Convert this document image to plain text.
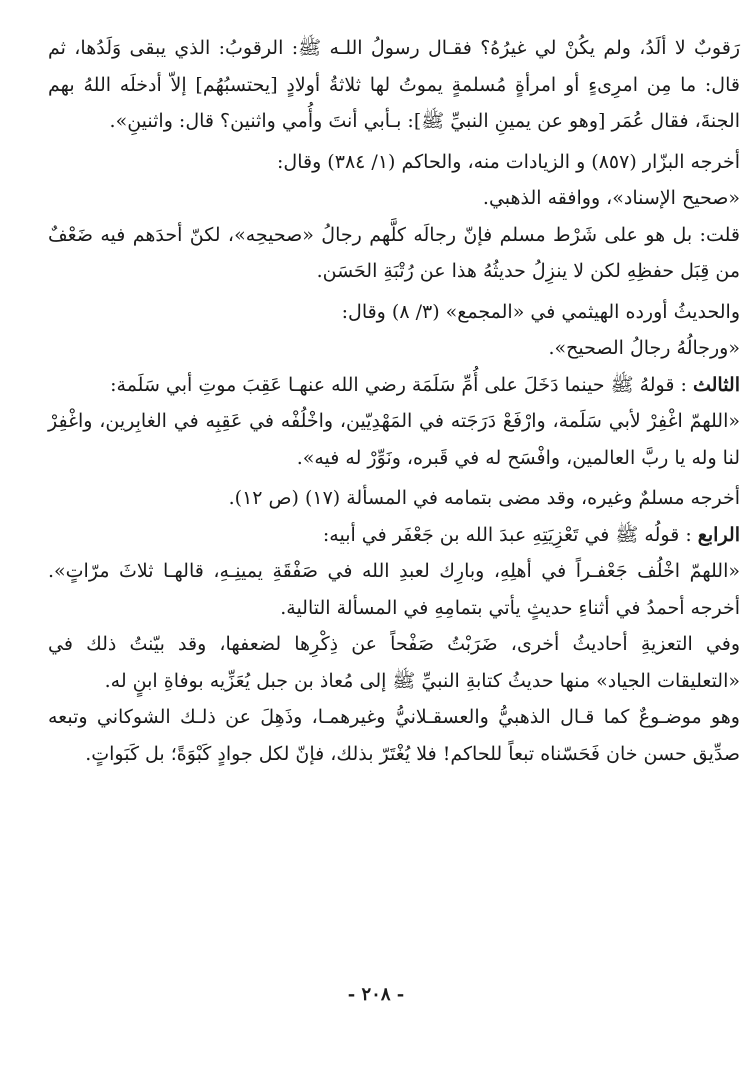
رَقوبٌ لا ألَدُ، ولم يكُنْ لي غيرُهُ؟ فقـال رسولُ اللـه ﷺ: الرقوبُ: الذي يبقى وَلَدُها، ثم قال: ما مِن امرِىءٍ أو امرأةٍ مُسلمةٍ يموتُ لها ثلاثةُ أولادٍ [يحتسبُهُم] إلاّ أدخلَه اللهُ بهم الجنةَ، فقال عُمَر [وهو عن يمينِ النبيِّ ﷺ]: بـأبي أنتَ وأُمي واثنين؟ قال: واثنينِ».

أخرجه البزّار (٨٥٧) و الزيادات منه، والحاكم (١/ ٣٨٤) وقال:

«صحيح الإسناد»، ووافقه الذهبي.

قلت: بل هو على شَرْط مسلم فإنّ رجالَه كلَّهم رجالُ «صحيحِه»، لكنّ أحدَهم فيه ضَعْفٌ من قِبَل حفظِهِ لكن لا ينزِلُ حديثُهُ هذا عن رُتْبَةِ الحَسَن.

والحديثُ أورده الهيثمي في «المجمع» (٣/ ٨) وقال:

«ورجالُهُ رجالُ الصحيح».

الثالث : قولهُ ﷺ حينما دَخَلَ على أُمِّ سَلَمَة رضي الله عنهـا عَقِبَ موتِ أبي سَلَمة:

«اللهمّ اغْفِرْ لأبي سَلَمة، وارْفَعْ دَرَجَته في المَهْدِيّين، واخْلُفْه في عَقِبِه في الغابِرين، واغْفِرْ لنا وله يا ربَّ العالمين، وافْسَح له في قَبره، ونَوِّرْ له فيه».

أخرجه مسلمٌ وغيره، وقد مضى بتمامه في المسألة (١٧) (ص ١٢).

الرابع : قولُه ﷺ في تَعْزِيَتِهِ عبدَ الله بن جَعْفَر في أبيه:

«اللهمّ اخْلُف جَعْفـراً في أهلِهِ، وبارِك لعبدِ الله في صَفْقَةِ يمينِـهِ، قالهـا ثلاثَ مرّاتٍ». أخرجه أحمدُ في أثناءِ حديثٍ يأتي بتمامِهِ في المسألة التالية.

وفي التعزيةِ أحاديثُ أخرى، ضَرَبْتُ صَفْحاً عن ذِكْرِها لضعفها، وقد بيّنتُ ذلك في «التعليقات الجياد» منها حديثُ كتابةِ النبيِّ ﷺ إلى مُعاذ بن جبل يُعَزِّيه بوفاةِ ابنٍ له.

وهو موضـوعٌ كما قـال الذهبيُّ والعسقـلانيُّ وغيرهمـا، وذَهِلَ عن ذلـك الشوكاني وتبعه صدِّيق حسن خان فَحَسّناه تبعاً للحاكم! فلا يُغْتَرّ بذلك، فإنّ لكل جوادٍ كَبْوَةً؛ بل كَبَواتٍ.

- ٢٠٨ -
